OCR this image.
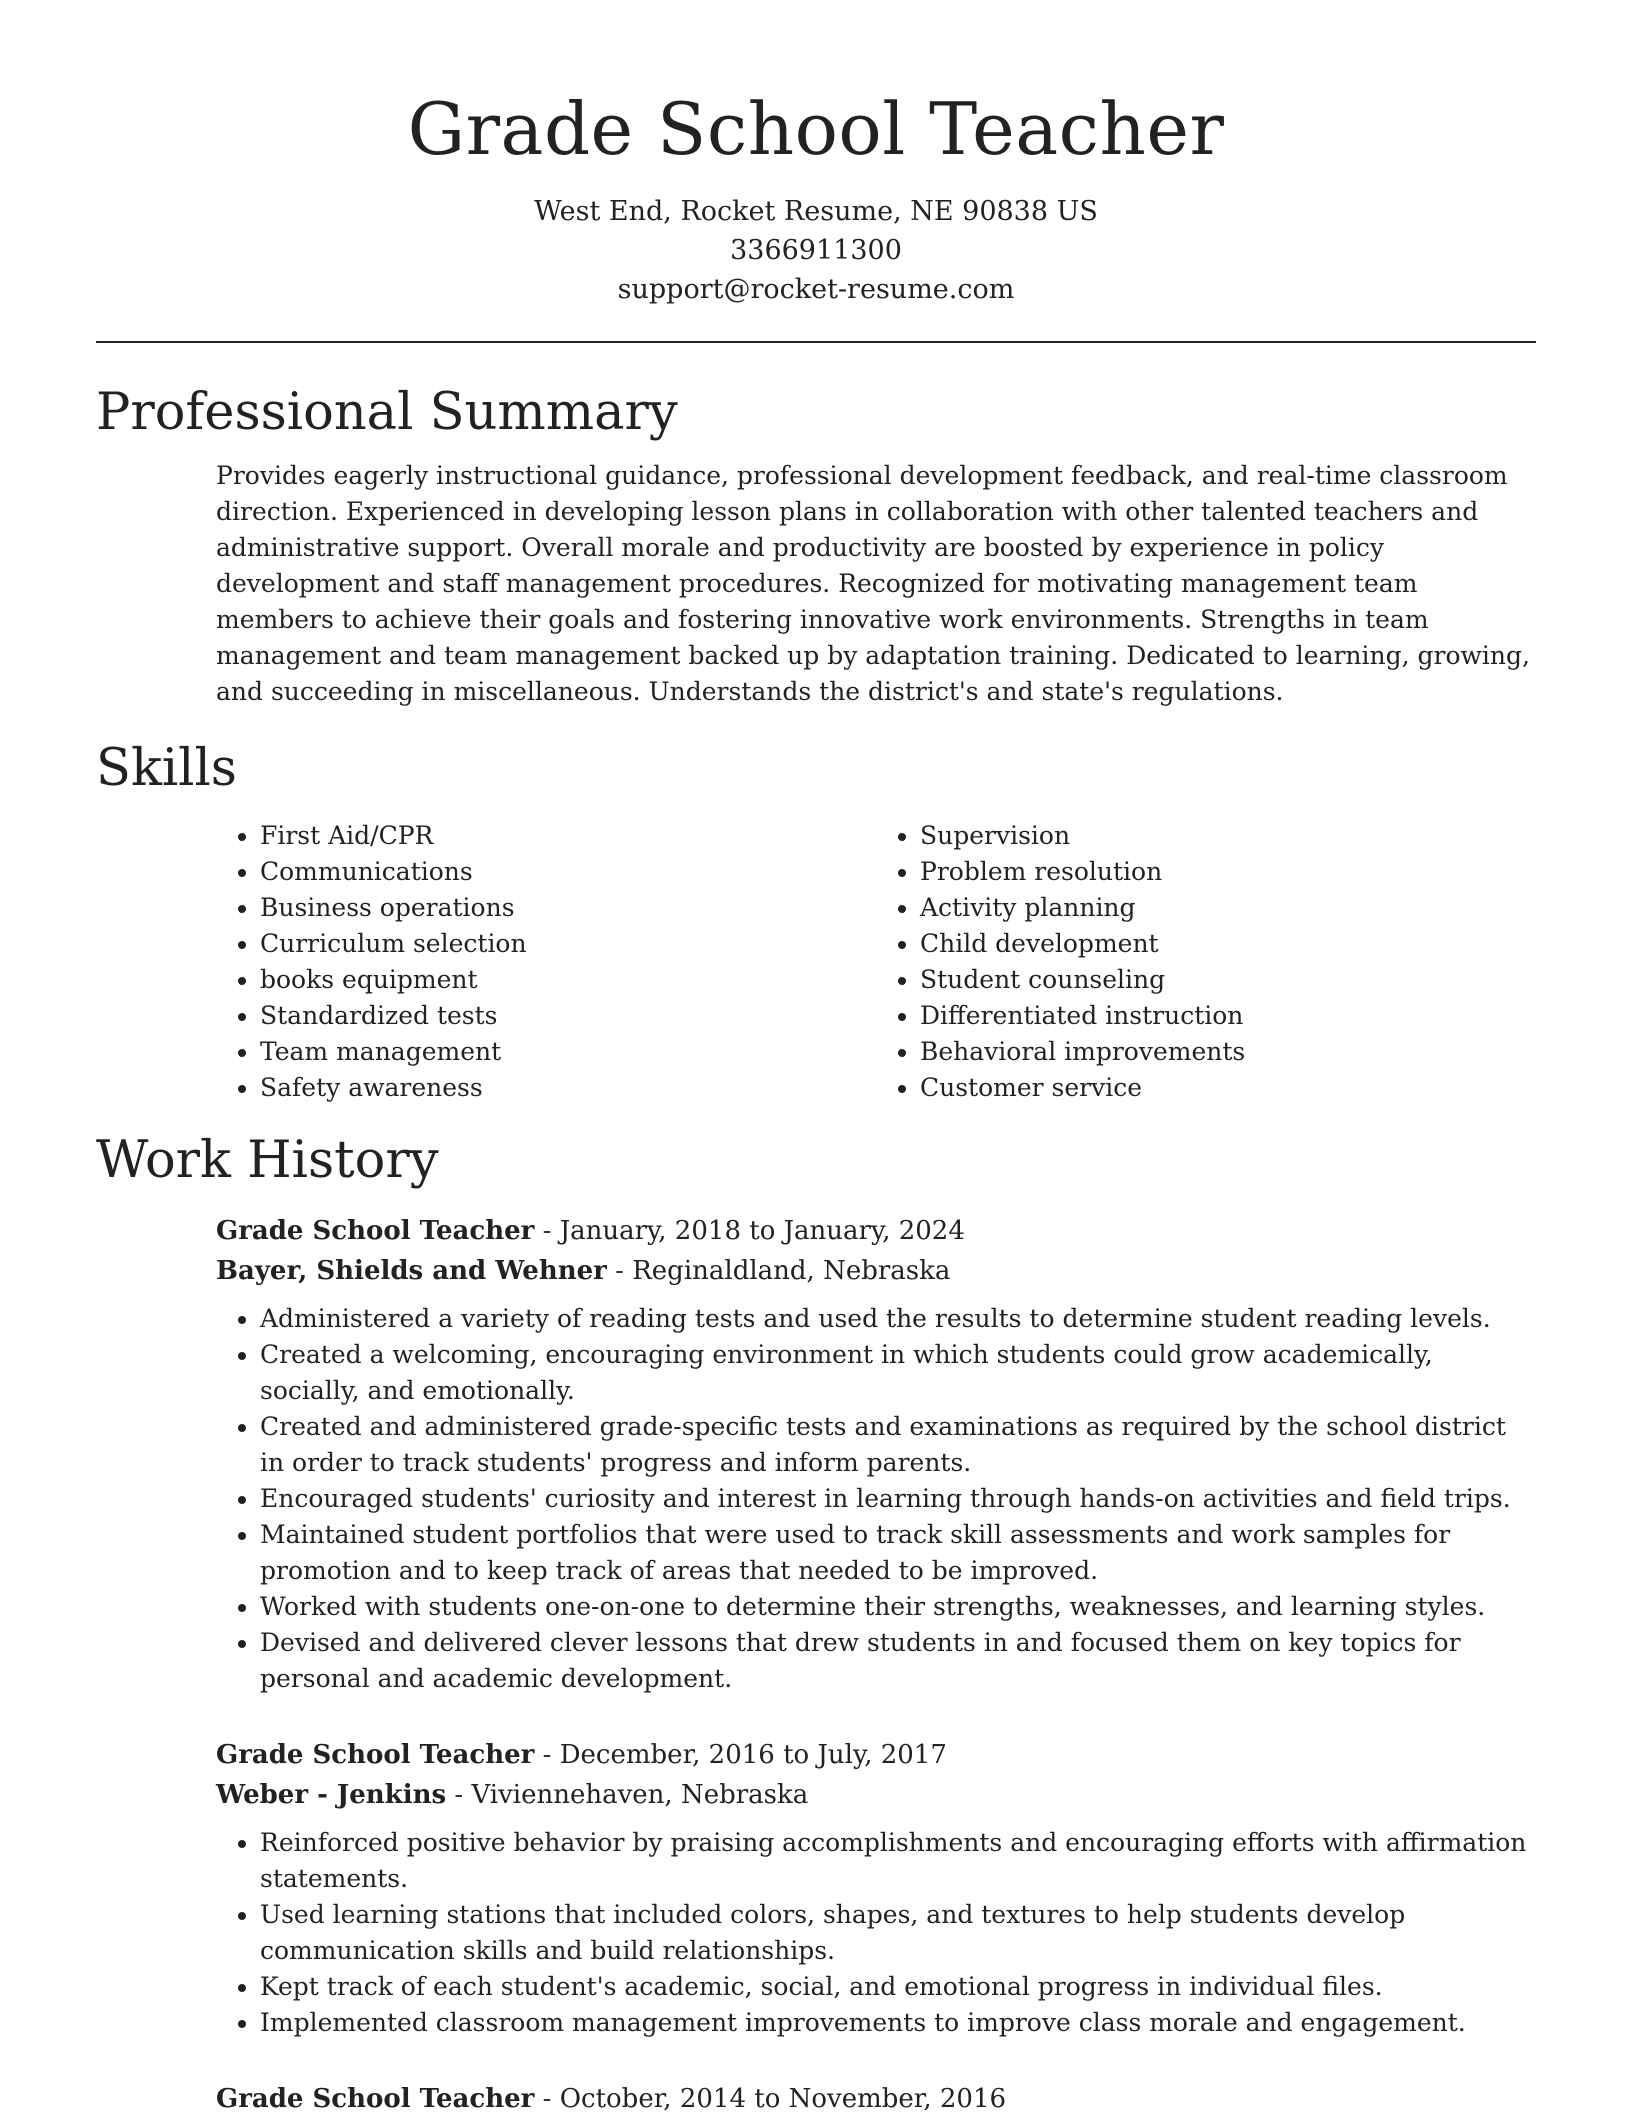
Grade School Teacher
West End, Rocket Resume, NE 90838 US
3366911300
support@rocket-resume.com
Professional Summary

Provides eagerly instructional guidance, professional development feedback, and real-time classroom direction. Experienced in developing lesson plans in collaboration with other talented teachers and administrative support. Overall morale and productivity are boosted by experience in policy development and staff management procedures. Recognized for motivating management team members to achieve their goals and fostering innovative work environments. Strengths in team management and team management backed up by adaptation training. Dedicated to learning, growing, and succeeding in miscellaneous. Understands the district's and state's regulations.

Skills
• First Aid/CPR
• Communications
• Business operations
• Curriculum selection
• books equipment
• Standardized tests
• Team management
• Safety awareness
• Supervision
• Problem resolution
• Activity planning
• Child development
• Student counseling
• Differentiated instruction
• Behavioral improvements
• Customer service
Work History
Grade School Teacher - January, 2018 to January, 2024
Bayer, Shields and Wehner - Reginaldland, Nebraska
• Administered a variety of reading tests and used the results to determine student reading levels.
• Created a welcoming, encouraging environment in which students could grow academically, socially, and emotionally.
• Created and administered grade-specific tests and examinations as required by the school district in order to track students' progress and inform parents.
• Encouraged students' curiosity and interest in learning through hands-on activities and field trips.
• Maintained student portfolios that were used to track skill assessments and work samples for promotion and to keep track of areas that needed to be improved.
• Worked with students one-on-one to determine their strengths, weaknesses, and learning styles.
• Devised and delivered clever lessons that drew students in and focused them on key topics for personal and academic development.
Grade School Teacher - December, 2016 to July, 2017
Weber - Jenkins - Viviennehaven, Nebraska
• Reinforced positive behavior by praising accomplishments and encouraging efforts with affirmation statements.
• Used learning stations that included colors, shapes, and textures to help students develop communication skills and build relationships.
• Kept track of each student's academic, social, and emotional progress in individual files.
• Implemented classroom management improvements to improve class morale and engagement.
Grade School Teacher - October, 2014 to November, 2016
